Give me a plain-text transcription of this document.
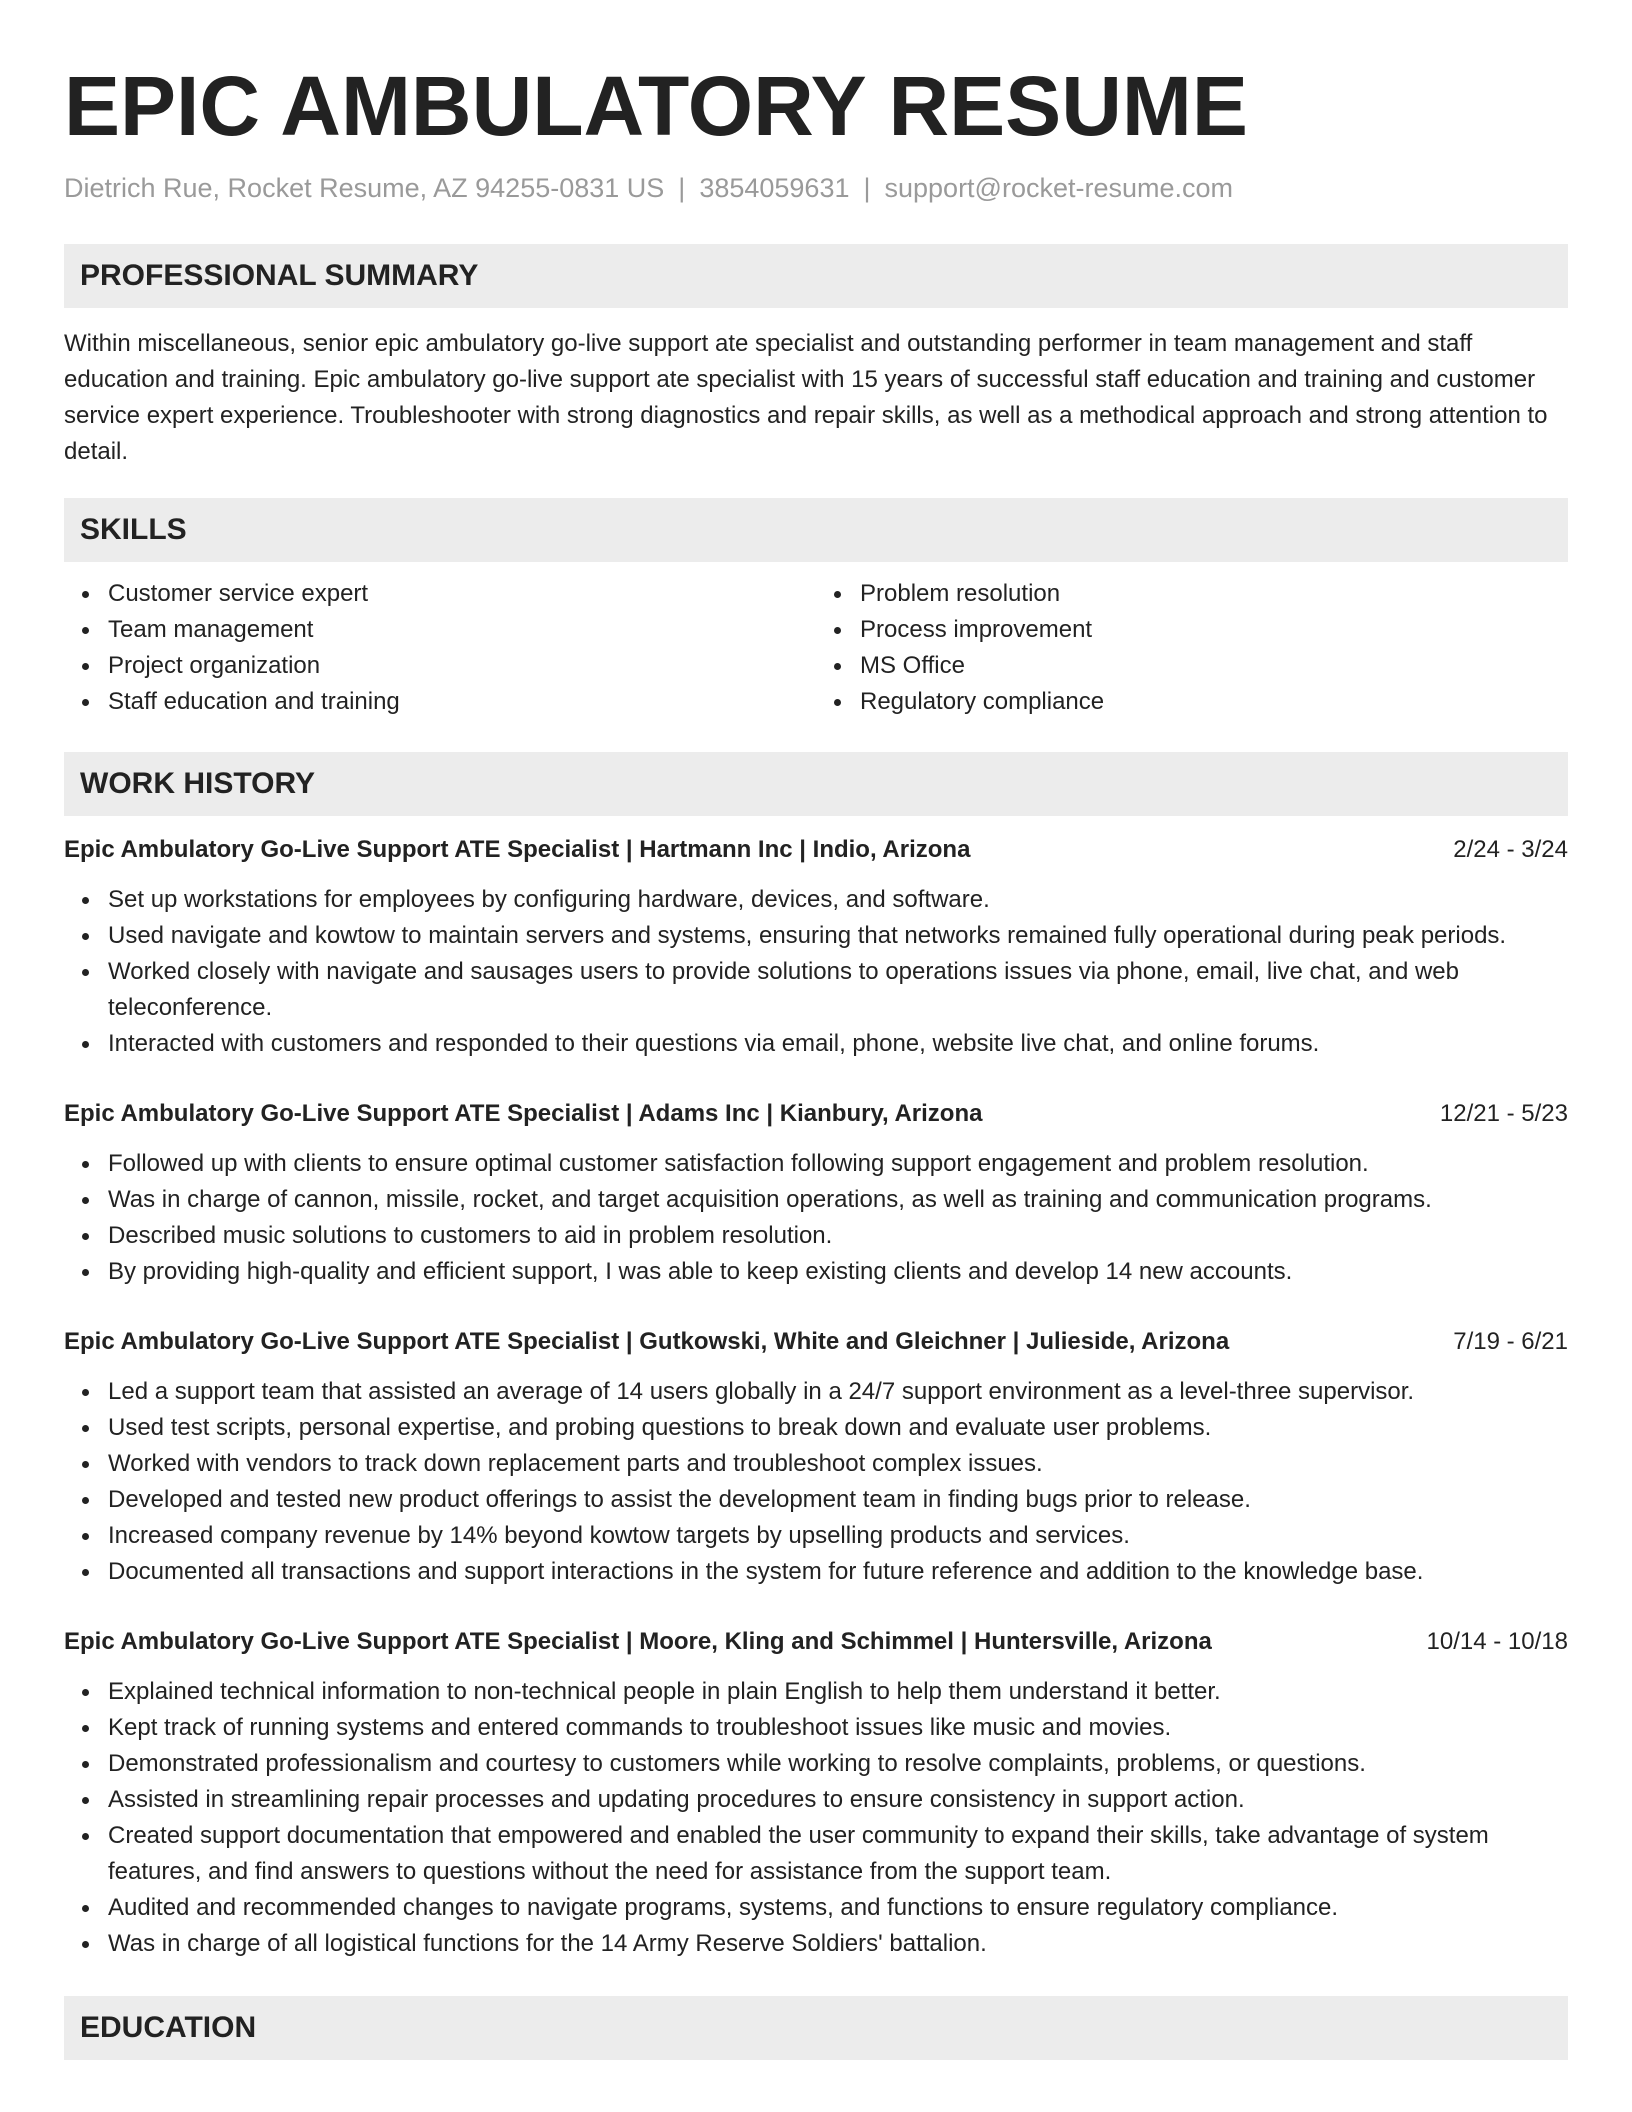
EPIC AMBULATORY RESUME
Dietrich Rue, Rocket Resume, AZ 94255-0831 US | 3854059631 | support@rocket-resume.com
PROFESSIONAL SUMMARY

Within miscellaneous, senior epic ambulatory go-live support ate specialist and outstanding performer in team management and staff education and training. Epic ambulatory go-live support ate specialist with 15 years of successful staff education and training and customer service expert experience. Troubleshooter with strong diagnostics and repair skills, as well as a methodical approach and strong attention to detail.

SKILLS
Customer service expert
Team management
Project organization
Staff education and training
Problem resolution
Process improvement
MS Office
Regulatory compliance
WORK HISTORY
Epic Ambulatory Go-Live Support ATE Specialist | Hartmann Inc | Indio, Arizona	2/24 - 3/24
Set up workstations for employees by configuring hardware, devices, and software.
Used navigate and kowtow to maintain servers and systems, ensuring that networks remained fully operational during peak periods.
Worked closely with navigate and sausages users to provide solutions to operations issues via phone, email, live chat, and web teleconference.
Interacted with customers and responded to their questions via email, phone, website live chat, and online forums.
Epic Ambulatory Go-Live Support ATE Specialist | Adams Inc | Kianbury, Arizona	12/21 - 5/23
Followed up with clients to ensure optimal customer satisfaction following support engagement and problem resolution.
Was in charge of cannon, missile, rocket, and target acquisition operations, as well as training and communication programs.
Described music solutions to customers to aid in problem resolution.
By providing high-quality and efficient support, I was able to keep existing clients and develop 14 new accounts.
Epic Ambulatory Go-Live Support ATE Specialist | Gutkowski, White and Gleichner | Julieside, Arizona	7/19 - 6/21
Led a support team that assisted an average of 14 users globally in a 24/7 support environment as a level-three supervisor.
Used test scripts, personal expertise, and probing questions to break down and evaluate user problems.
Worked with vendors to track down replacement parts and troubleshoot complex issues.
Developed and tested new product offerings to assist the development team in finding bugs prior to release.
Increased company revenue by 14% beyond kowtow targets by upselling products and services.
Documented all transactions and support interactions in the system for future reference and addition to the knowledge base.
Epic Ambulatory Go-Live Support ATE Specialist | Moore, Kling and Schimmel | Huntersville, Arizona	10/14 - 10/18
Explained technical information to non-technical people in plain English to help them understand it better.
Kept track of running systems and entered commands to troubleshoot issues like music and movies.
Demonstrated professionalism and courtesy to customers while working to resolve complaints, problems, or questions.
Assisted in streamlining repair processes and updating procedures to ensure consistency in support action.
Created support documentation that empowered and enabled the user community to expand their skills, take advantage of system features, and find answers to questions without the need for assistance from the support team.
Audited and recommended changes to navigate programs, systems, and functions to ensure regulatory compliance.
Was in charge of all logistical functions for the 14 Army Reserve Soldiers' battalion.
EDUCATION
